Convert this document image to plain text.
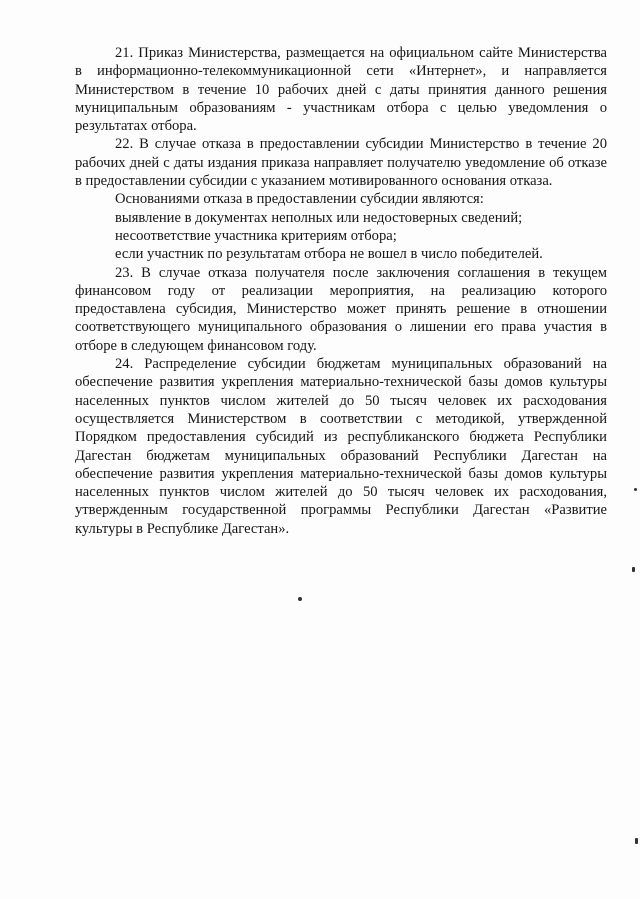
21. Приказ Министерства, размещается на официальном сайте Министерства в информационно-телекоммуникационной сети «Интернет», и направляется Министерством в течение 10 рабочих дней с даты принятия данного решения муниципальным образованиям - участникам отбора с целью уведомления о результатах отбора.

22. В случае отказа в предоставлении субсидии Министерство в течение 20 рабочих дней с даты издания приказа направляет получателю уведомление об отказе в предоставлении субсидии с указанием мотивированного основания отказа.

Основаниями отказа в предоставлении субсидии являются:

выявление в документах неполных или недостоверных сведений;

несоответствие участника критериям отбора;

если участник по результатам отбора не вошел в число победителей.

23. В случае отказа получателя после заключения соглашения в текущем финансовом году от реализации мероприятия, на реализацию которого предоставлена субсидия, Министерство может принять решение в отношении соответствующего муниципального образования о лишении его права участия в отборе в следующем финансовом году.

24. Распределение субсидии бюджетам муниципальных образований на обеспечение развития укрепления материально-технической базы домов культуры населенных пунктов числом жителей до 50 тысяч человек их расходования осуществляется Министерством в соответствии с методикой, утвержденной Порядком предоставления субсидий из республиканского бюджета Республики Дагестан бюджетам муниципальных образований Республики Дагестан на обеспечение развития укрепления материально-технической базы домов культуры населенных пунктов числом жителей до 50 тысяч человек их расходования, утвержденным государственной программы Республики Дагестан «Развитие культуры в Республике Дагестан».
